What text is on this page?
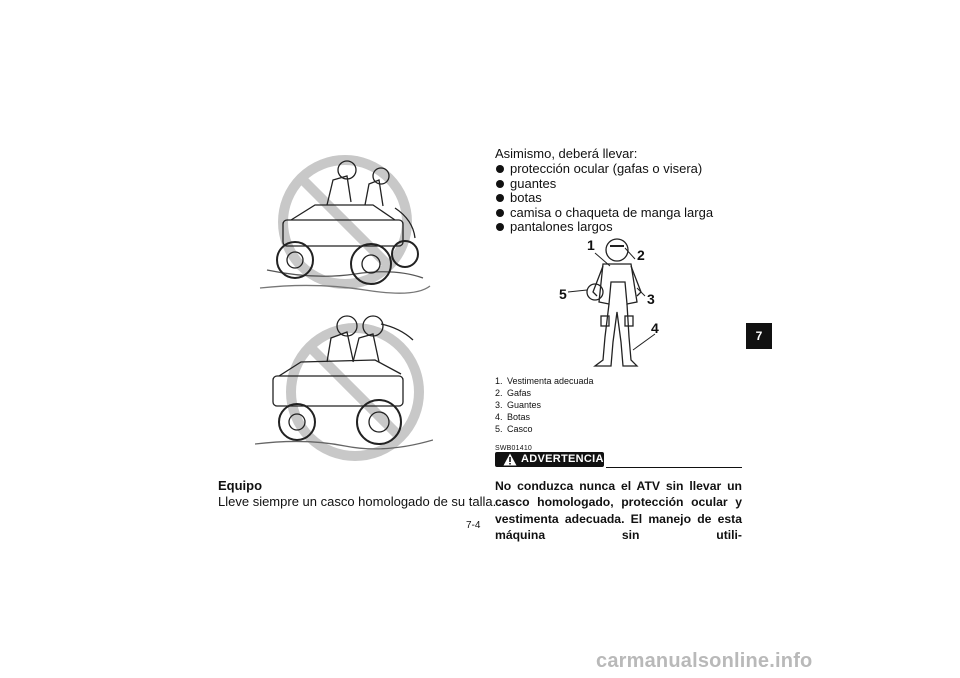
Equipo
Lleve siempre un casco homologado de su talla.
Asimismo, deberá llevar:
protección ocular (gafas o visera)
guantes
botas
camisa o chaqueta de manga larga
pantalones largos
1
2
3
4
5
1. Vestimenta adecuada
2. Gafas
3. Guantes
4. Botas
5. Casco
SWB01410
ADVERTENCIA
No conduzca nunca el ATV sin llevar un casco homologado, protección ocular y vestimenta adecuada. El manejo de esta máquina sin utili-
7-4
7
carmanualsonline.info
